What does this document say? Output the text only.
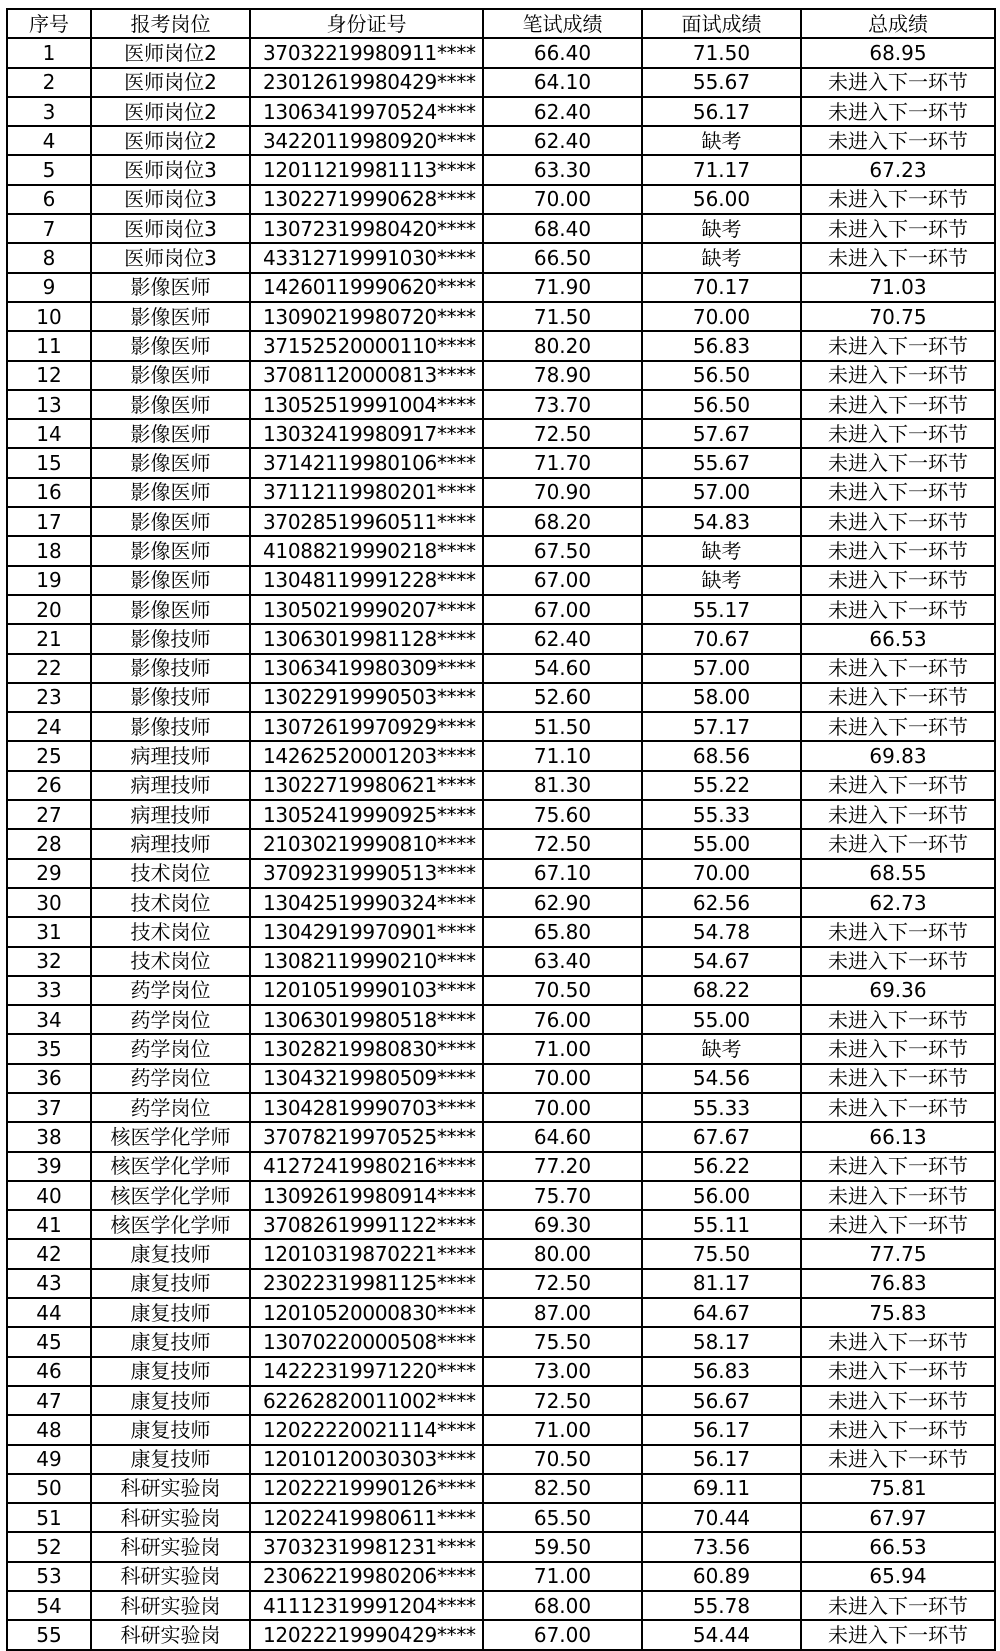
序号	报考岗位	身份证号	笔试成绩	面试成绩	总成绩
1	医师岗位2	37032219980911****	66.40	71.50	68.95
2	医师岗位2	23012619980429****	64.10	55.67	未进入下一环节
3	医师岗位2	13063419970524****	62.40	56.17	未进入下一环节
4	医师岗位2	34220119980920****	62.40	缺考	未进入下一环节
5	医师岗位3	12011219981113****	63.30	71.17	67.23
6	医师岗位3	13022719990628****	70.00	56.00	未进入下一环节
7	医师岗位3	13072319980420****	68.40	缺考	未进入下一环节
8	医师岗位3	43312719991030****	66.50	缺考	未进入下一环节
9	影像医师	14260119990620****	71.90	70.17	71.03
10	影像医师	13090219980720****	71.50	70.00	70.75
11	影像医师	37152520000110****	80.20	56.83	未进入下一环节
12	影像医师	37081120000813****	78.90	56.50	未进入下一环节
13	影像医师	13052519991004****	73.70	56.50	未进入下一环节
14	影像医师	13032419980917****	72.50	57.67	未进入下一环节
15	影像医师	37142119980106****	71.70	55.67	未进入下一环节
16	影像医师	37112119980201****	70.90	57.00	未进入下一环节
17	影像医师	37028519960511****	68.20	54.83	未进入下一环节
18	影像医师	41088219990218****	67.50	缺考	未进入下一环节
19	影像医师	13048119991228****	67.00	缺考	未进入下一环节
20	影像医师	13050219990207****	67.00	55.17	未进入下一环节
21	影像技师	13063019981128****	62.40	70.67	66.53
22	影像技师	13063419980309****	54.60	57.00	未进入下一环节
23	影像技师	13022919990503****	52.60	58.00	未进入下一环节
24	影像技师	13072619970929****	51.50	57.17	未进入下一环节
25	病理技师	14262520001203****	71.10	68.56	69.83
26	病理技师	13022719980621****	81.30	55.22	未进入下一环节
27	病理技师	13052419990925****	75.60	55.33	未进入下一环节
28	病理技师	21030219990810****	72.50	55.00	未进入下一环节
29	技术岗位	37092319990513****	67.10	70.00	68.55
30	技术岗位	13042519990324****	62.90	62.56	62.73
31	技术岗位	13042919970901****	65.80	54.78	未进入下一环节
32	技术岗位	13082119990210****	63.40	54.67	未进入下一环节
33	药学岗位	12010519990103****	70.50	68.22	69.36
34	药学岗位	13063019980518****	76.00	55.00	未进入下一环节
35	药学岗位	13028219980830****	71.00	缺考	未进入下一环节
36	药学岗位	13043219980509****	70.00	54.56	未进入下一环节
37	药学岗位	13042819990703****	70.00	55.33	未进入下一环节
38	核医学化学师	37078219970525****	64.60	67.67	66.13
39	核医学化学师	41272419980216****	77.20	56.22	未进入下一环节
40	核医学化学师	13092619980914****	75.70	56.00	未进入下一环节
41	核医学化学师	37082619991122****	69.30	55.11	未进入下一环节
42	康复技师	12010319870221****	80.00	75.50	77.75
43	康复技师	23022319981125****	72.50	81.17	76.83
44	康复技师	12010520000830****	87.00	64.67	75.83
45	康复技师	13070220000508****	75.50	58.17	未进入下一环节
46	康复技师	14222319971220****	73.00	56.83	未进入下一环节
47	康复技师	62262820011002****	72.50	56.67	未进入下一环节
48	康复技师	12022220021114****	71.00	56.17	未进入下一环节
49	康复技师	12010120030303****	70.50	56.17	未进入下一环节
50	科研实验岗	12022219990126****	82.50	69.11	75.81
51	科研实验岗	12022419980611****	65.50	70.44	67.97
52	科研实验岗	37032319981231****	59.50	73.56	66.53
53	科研实验岗	23062219980206****	71.00	60.89	65.94
54	科研实验岗	41112319991204****	68.00	55.78	未进入下一环节
55	科研实验岗	12022219990429****	67.00	54.44	未进入下一环节
